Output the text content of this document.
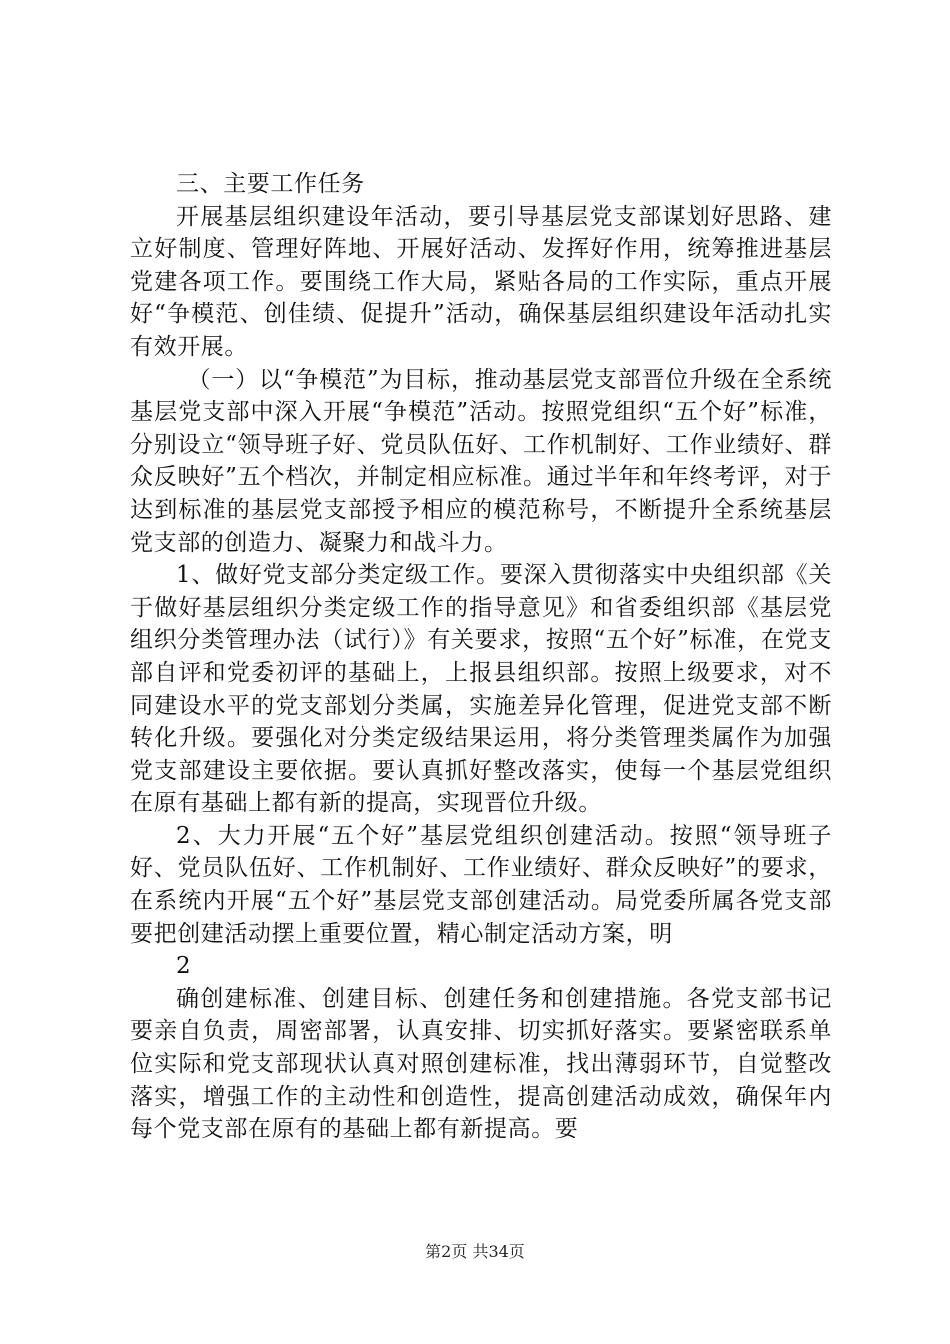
三、主要工作任务

开展基层组织建设年活动，要引导基层党支部谋划好思路、建立好制度、管理好阵地、开展好活动、发挥好作用，统筹推进基层党建各项工作。要围绕工作大局，紧贴各局的工作实际，重点开展好“争模范、创佳绩、促提升”活动，确保基层组织建设年活动扎实有效开展。

（一）以“争模范”为目标，推动基层党支部晋位升级在全系统基层党支部中深入开展“争模范”活动。按照党组织“五个好”标准，分别设立“领导班子好、党员队伍好、工作机制好、工作业绩好、群众反映好”五个档次，并制定相应标准。通过半年和年终考评，对于达到标准的基层党支部授予相应的模范称号，不断提升全系统基层党支部的创造力、凝聚力和战斗力。

1、做好党支部分类定级工作。要深入贯彻落实中央组织部《关于做好基层组织分类定级工作的指导意见》和省委组织部《基层党组织分类管理办法（试行）》有关要求，按照“五个好”标准，在党支部自评和党委初评的基础上，上报县组织部。按照上级要求，对不同建设水平的党支部划分类属，实施差异化管理，促进党支部不断转化升级。要强化对分类定级结果运用，将分类管理类属作为加强党支部建设主要依据。要认真抓好整改落实，使每一个基层党组织在原有基础上都有新的提高，实现晋位升级。

2、大力开展“五个好”基层党组织创建活动。按照“领导班子好、党员队伍好、工作机制好、工作业绩好、群众反映好”的要求，在系统内开展“五个好”基层党支部创建活动。局党委所属各党支部要把创建活动摆上重要位置，精心制定活动方案，明

2

确创建标准、创建目标、创建任务和创建措施。各党支部书记要亲自负责，周密部署，认真安排、切实抓好落实。要紧密联系单位实际和党支部现状认真对照创建标准，找出薄弱环节，自觉整改落实，增强工作的主动性和创造性，提高创建活动成效，确保年内每个党支部在原有的基础上都有新提高。要

第2页 共34页
